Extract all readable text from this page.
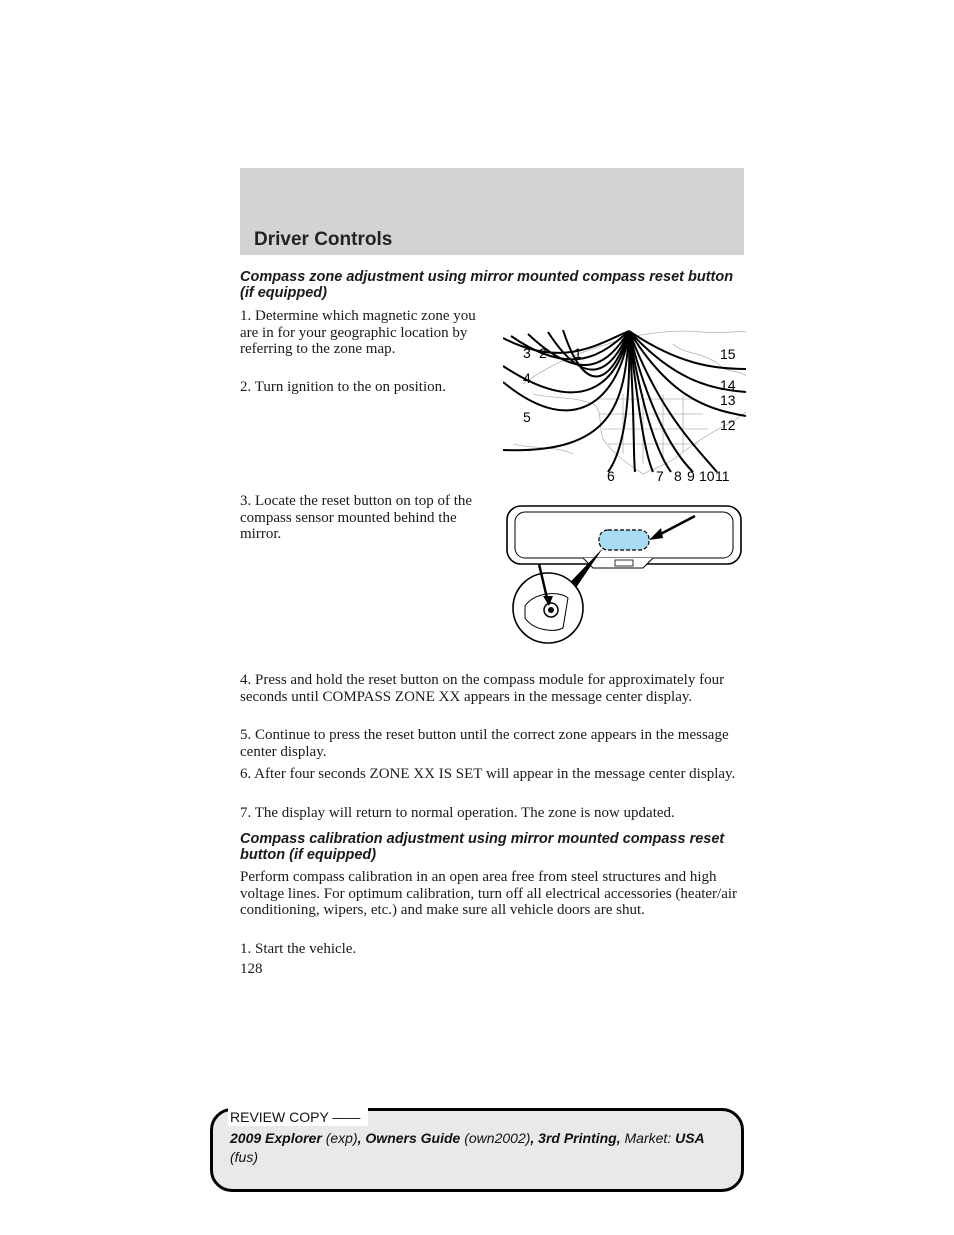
Driver Controls
Compass zone adjustment using mirror mounted compass reset button (if equipped)

1. Determine which magnetic zone you are in for your geographic location by referring to the zone map.

2. Turn ignition to the on position.

3 2 1
4
5
6	7 8 9 10 11
12
13
14
15

3. Locate the reset button on top of the compass sensor mounted behind the mirror.

4. Press and hold the reset button on the compass module for approximately four seconds until COMPASS ZONE XX appears in the message center display.

5. Continue to press the reset button until the correct zone appears in the message center display.

6. After four seconds ZONE XX IS SET will appear in the message center display.

7. The display will return to normal operation. The zone is now updated.

Compass calibration adjustment using mirror mounted compass reset button (if equipped)

Perform compass calibration in an open area free from steel structures and high voltage lines. For optimum calibration, turn off all electrical accessories (heater/air conditioning, wipers, etc.) and make sure all vehicle doors are shut.

1. Start the vehicle.

128

REVIEW COPY ——

2009 Explorer (exp), Owners Guide (own2002), 3rd Printing, Market: USA

(fus)
